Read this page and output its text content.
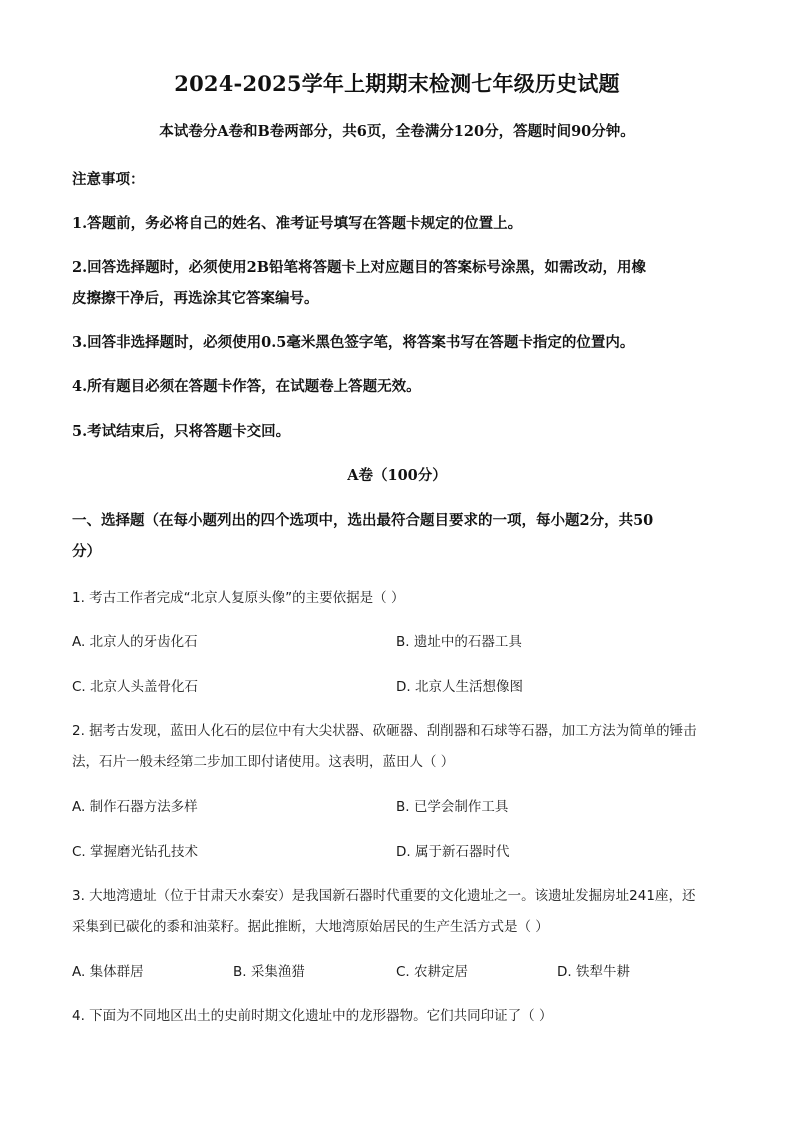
2024-2025学年上期期末检测七年级历史试题
本试卷分A卷和B卷两部分，共6页，全卷满分120分，答题时间90分钟。
注意事项：
1.答题前，务必将自己的姓名、准考证号填写在答题卡规定的位置上。
2.回答选择题时，必须使用2B铅笔将答题卡上对应题目的答案标号涂黑，如需改动，用橡
皮擦擦干净后，再选涂其它答案编号。
3.回答非选择题时，必须使用0.5毫米黑色签字笔，将答案书写在答题卡指定的位置内。
4.所有题目必须在答题卡作答，在试题卷上答题无效。
5.考试结束后，只将答题卡交回。
A卷（100分）
一、选择题（在每小题列出的四个选项中，选出最符合题目要求的一项，每小题2分，共50
分）
1. 考古工作者完成“北京人复原头像”的主要依据是（ ）
A. 北京人的牙齿化石	B. 遗址中的石器工具
C. 北京人头盖骨化石	D. 北京人生活想像图
2. 据考古发现，蓝田人化石的层位中有大尖状器、砍砸器、刮削器和石球等石器，加工方法为简单的锤击
法，石片一般未经第二步加工即付诸使用。这表明，蓝田人（ ）
A. 制作石器方法多样	B. 已学会制作工具
C. 掌握磨光钻孔技术	D. 属于新石器时代
3. 大地湾遗址（位于甘肃天水秦安）是我国新石器时代重要的文化遗址之一。该遗址发掘房址241座，还
采集到已碳化的黍和油菜籽。据此推断，大地湾原始居民的生产生活方式是（ ）
A. 集体群居	B. 采集渔猎	C. 农耕定居	D. 铁犁牛耕
4. 下面为不同地区出土的史前时期文化遗址中的龙形器物。它们共同印证了（ ）
